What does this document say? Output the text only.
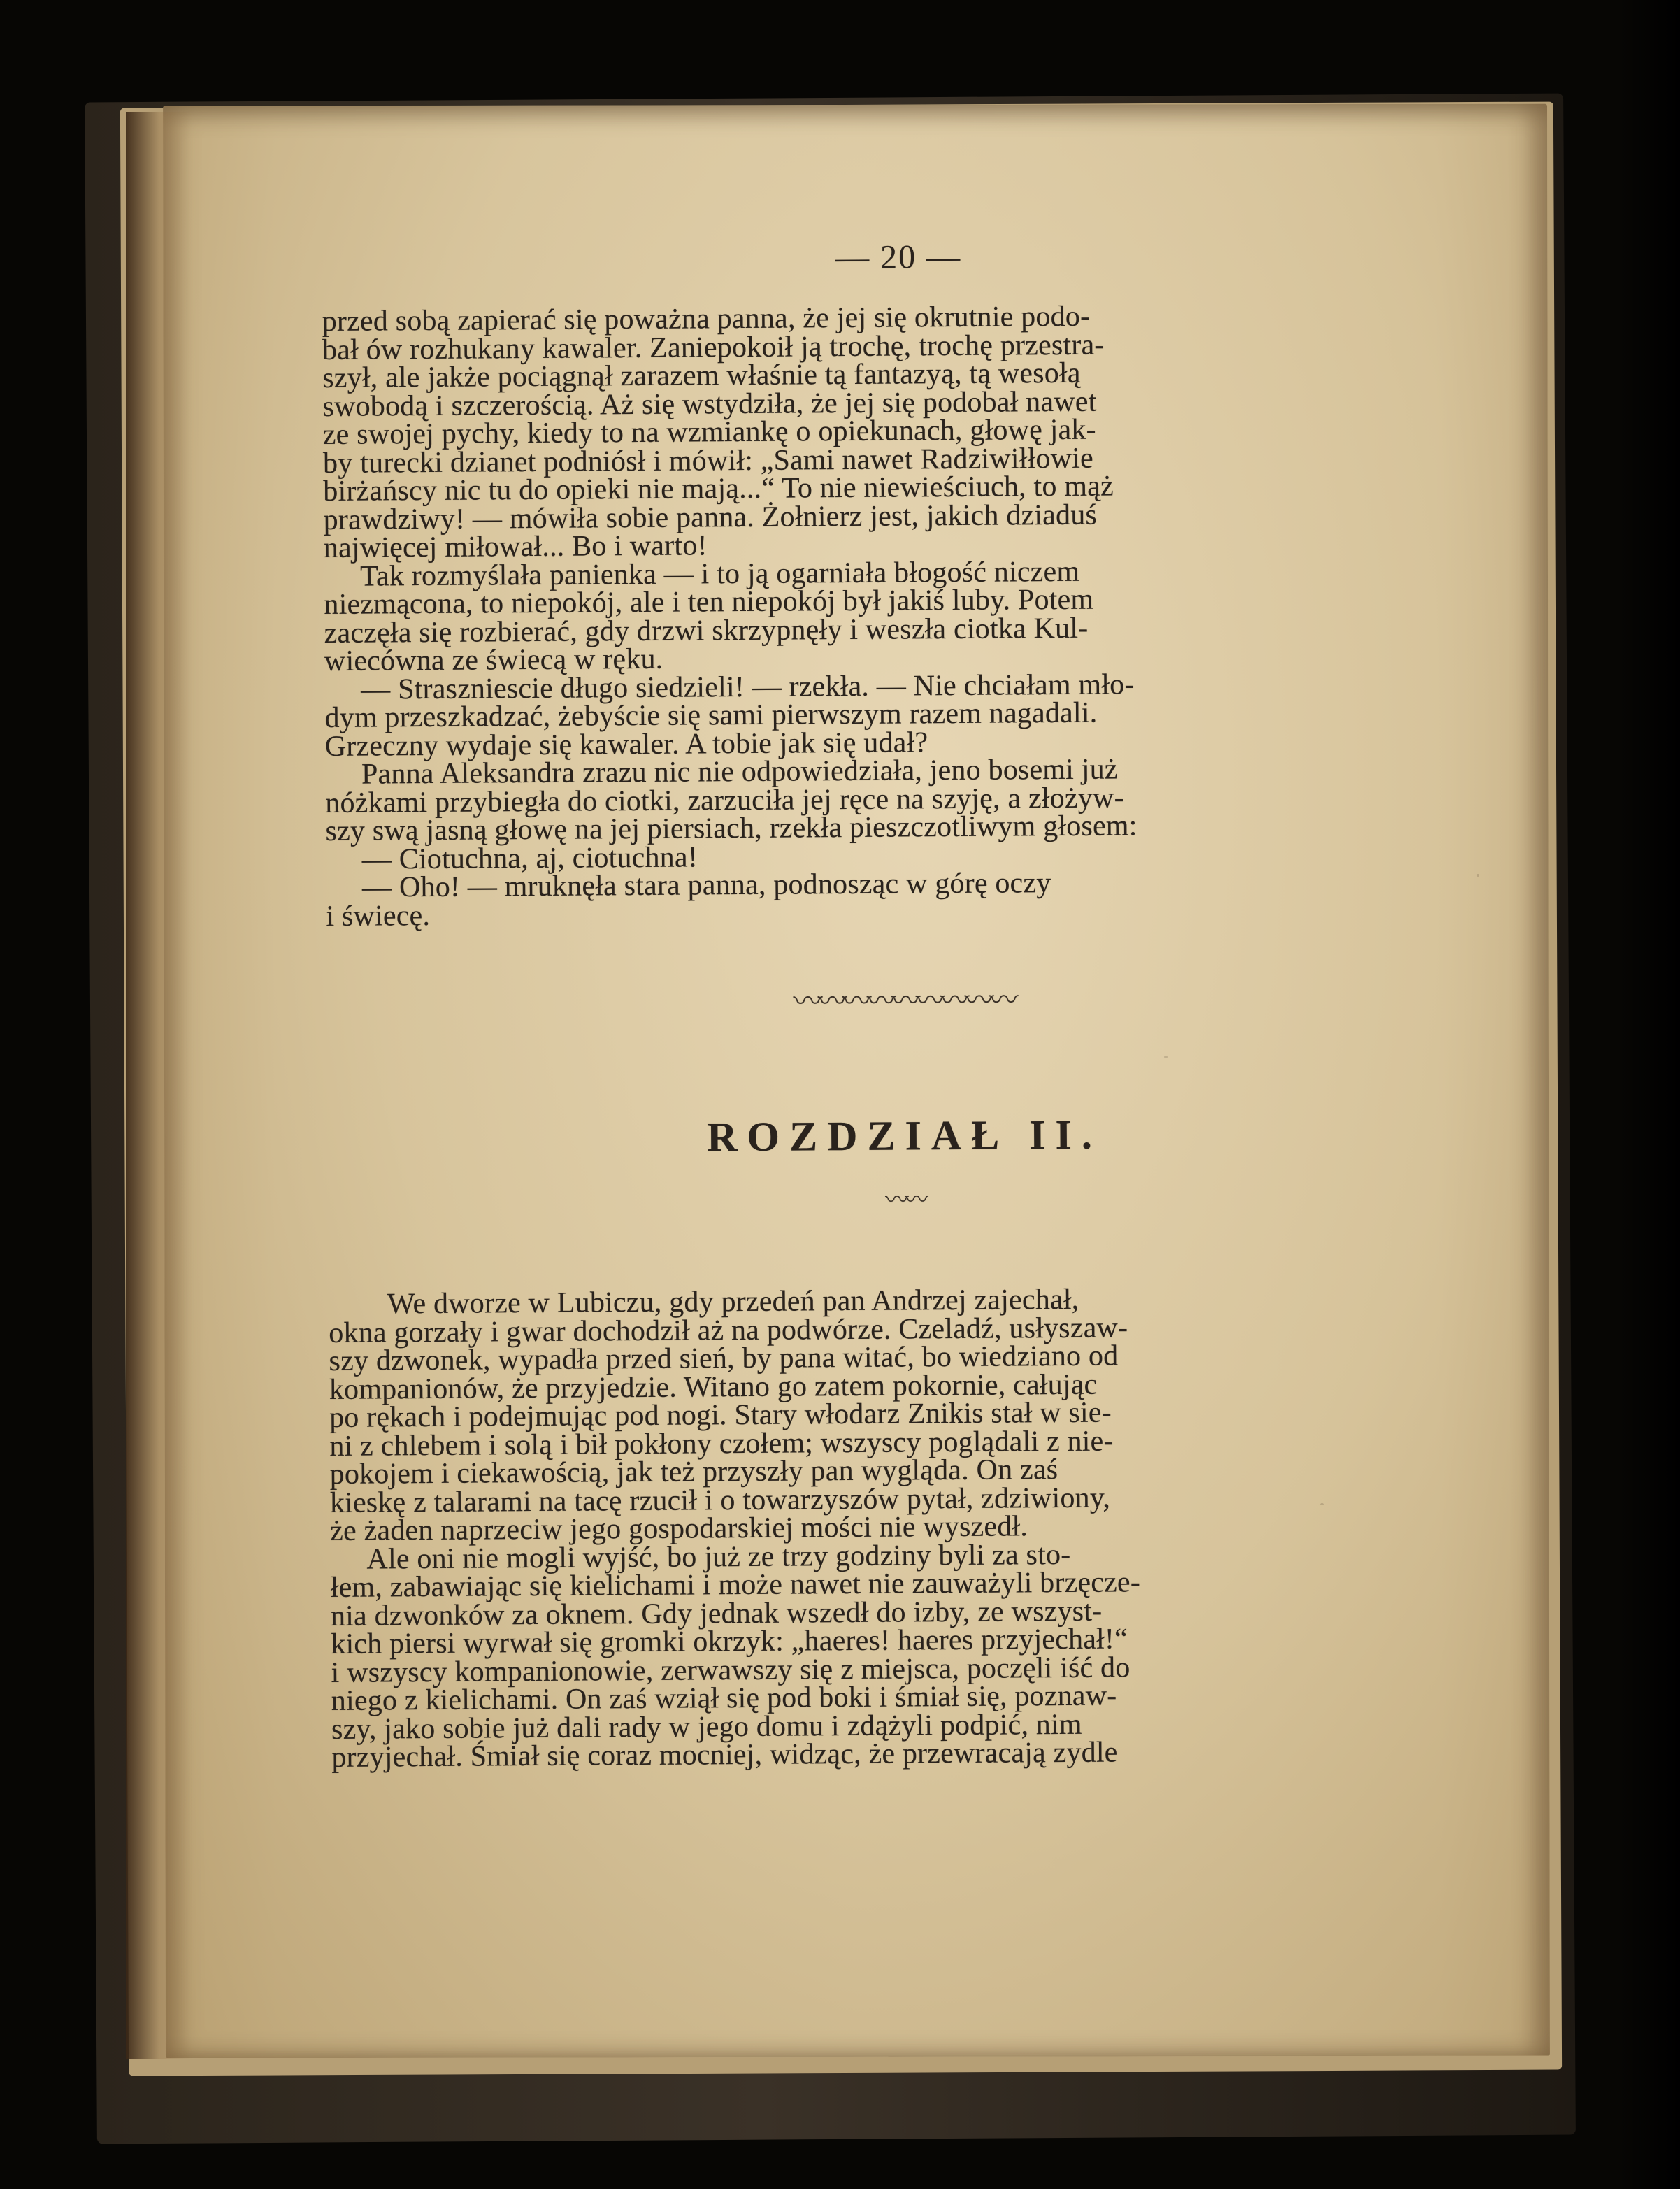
— 20 —
przed sobą zapierać się poważna panna, że jej się okrutnie podo-
bał ów rozhukany kawaler. Zaniepokoił ją trochę, trochę przestra-
szył, ale jakże pociągnął zarazem właśnie tą fantazyą, tą wesołą
swobodą i szczerością. Aż się wstydziła, że jej się podobał nawet
ze swojej pychy, kiedy to na wzmiankę o opiekunach, głowę jak-
by turecki dzianet podniósł i mówił: „Sami nawet Radziwiłłowie
birżańscy nic tu do opieki nie mają...“ To nie niewieściuch, to mąż
prawdziwy! — mówiła sobie panna. Żołnierz jest, jakich dziaduś
najwięcej miłował... Bo i warto!
Tak rozmyślała panienka — i to ją ogarniała błogość niczem
niezmącona, to niepokój, ale i ten niepokój był jakiś luby. Potem
zaczęła się rozbierać, gdy drzwi skrzypnęły i weszła ciotka Kul-
wiecówna ze świecą w ręku.
— Straszniescie długo siedzieli! — rzekła. — Nie chciałam mło-
dym przeszkadzać, żebyście się sami pierwszym razem nagadali.
Grzeczny wydaje się kawaler. A tobie jak się udał?
Panna Aleksandra zrazu nic nie odpowiedziała, jeno bosemi już
nóżkami przybiegła do ciotki, zarzuciła jej ręce na szyję, a złożyw-
szy swą jasną głowę na jej piersiach, rzekła pieszczotliwym głosem:
— Ciotuchna, aj, ciotuchna!
— Oho! — mruknęła stara panna, podnosząc w górę oczy
i świecę.
〰〰〰〰〰〰〰〰〰
ROZDZIAŁ II.
〰〰
We dworze w Lubiczu, gdy przedeń pan Andrzej zajechał,
okna gorzały i gwar dochodził aż na podwórze. Czeladź, usłyszaw-
szy dzwonek, wypadła przed sień, by pana witać, bo wiedziano od
kompanionów, że przyjedzie. Witano go zatem pokornie, całując
po rękach i podejmując pod nogi. Stary włodarz Znikis stał w sie-
ni z chlebem i solą i bił pokłony czołem; wszyscy poglądali z nie-
pokojem i ciekawością, jak też przyszły pan wygląda. On zaś
kieskę z talarami na tacę rzucił i o towarzyszów pytał, zdziwiony,
że żaden naprzeciw jego gospodarskiej mości nie wyszedł.
Ale oni nie mogli wyjść, bo już ze trzy godziny byli za sto-
łem, zabawiając się kielichami i może nawet nie zauważyli brzęcze-
nia dzwonków za oknem. Gdy jednak wszedł do izby, ze wszyst-
kich piersi wyrwał się gromki okrzyk: „haeres! haeres przyjechał!“
i wszyscy kompanionowie, zerwawszy się z miejsca, poczęli iść do
niego z kielichami. On zaś wziął się pod boki i śmiał się, poznaw-
szy, jako sobie już dali rady w jego domu i zdążyli podpić, nim
przyjechał. Śmiał się coraz mocniej, widząc, że przewracają zydle
